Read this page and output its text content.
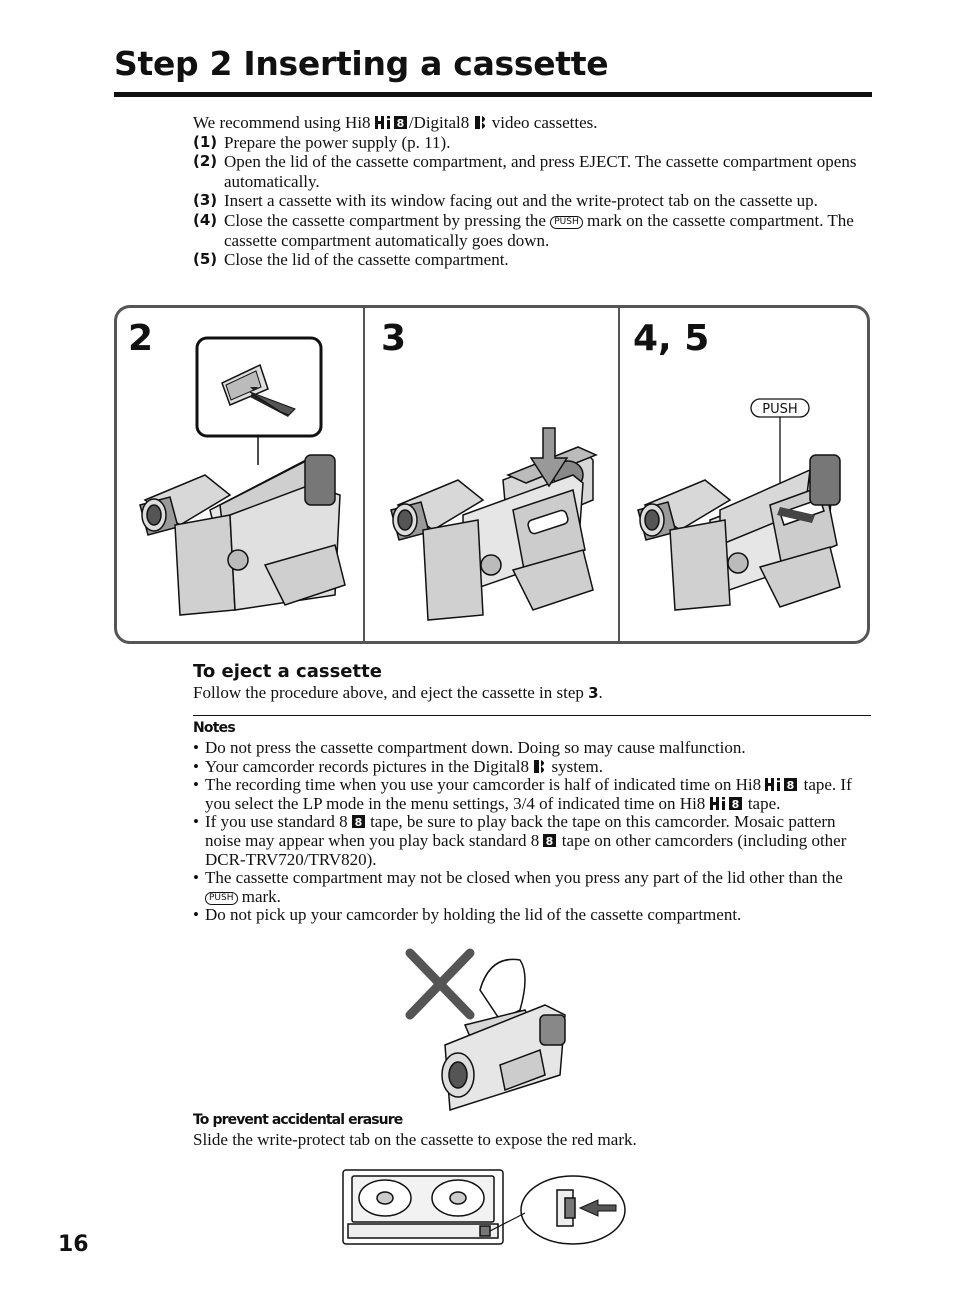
Step 2 Inserting a cassette
We recommend using Hi8 8 /Digital8 video cassettes.
(1) Prepare the power supply (p. 11).
(2) Open the lid of the cassette compartment, and press EJECT. The cassette compartment opens automatically.
(3) Insert a cassette with its window facing out and the write-protect tab on the cassette up.
(4) Close the cassette compartment by pressing the PUSH mark on the cassette compartment. The cassette compartment automatically goes down.
(5) Close the lid of the cassette compartment.
2	3	4, 5
PUSH
To eject a cassette
Follow the procedure above, and eject the cassette in step 3.
Notes
• Do not press the cassette compartment down. Doing so may cause malfunction.
• Your camcorder records pictures in the Digital8 system.
• The recording time when you use your camcorder is half of indicated time on Hi8 8 tape. If you select the LP mode in the menu settings, 3/4 of indicated time on Hi8 8 tape.
• If you use standard 8 8 tape, be sure to play back the tape on this camcorder. Mosaic pattern noise may appear when you play back standard 8 8 tape on other camcorders (including other DCR-TRV720/TRV820).
• The cassette compartment may not be closed when you press any part of the lid other than the PUSH mark.
• Do not pick up your camcorder by holding the lid of the cassette compartment.
To prevent accidental erasure
Slide the write-protect tab on the cassette to expose the red mark.
16
